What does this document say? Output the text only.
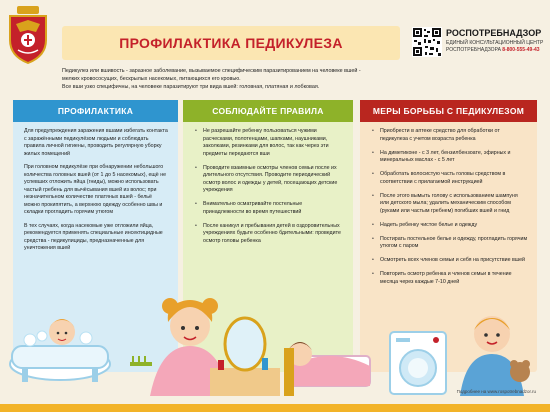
ПРОФИЛАКТИКА ПЕДИКУЛЕЗА
РОСПОТРЕБНАДЗОР
ЕДИНЫЙ КОНСУЛЬТАЦИОННЫЙ ЦЕНТР
РОСПОТРЕБНАДЗОРА 8-800-555-49-43

Педикулез или вшивость - заразное заболевание, вызываемое специфическим паразитированием на человеке вшей -

мелких кровососущих, бескрылых насекомых, питающихся его кровью.

Все вши узко специфичны, на человеке паразитируют три вида вшей: головная, платяная и лобковая.

ПРОФИЛАКТИКА

Для предупреждения заражения вшами избегать контакта с заражёнными педикулёзом людьми и соблюдать правила личной гигиены, проводить регулярную уборку жилых помещений

При головном педикулёзе при обнаружении небольшого количества головных вшей (от 1 до 5 насекомых), ещё не успевших отложить яйца (гниды), можно использовать частый гребень для вычёсывания вшей из волос; при незначительном количестве платяных вшей - бельё можно прокипятить, а верхнюю одежду особенно швы и складки прогладить горячим утюгом

В тех случаях, когда насекомые уже отложили яйца, рекомендуется применять специальные инсектицидные средства - педикулициды, предназначенные для уничтожения вшей

СОБЛЮДАЙТЕ ПРАВИЛА
• Не разрешайте ребенку пользоваться чужими расческами, полотенцами, шапками, наушниками, заколками, резинками для волос, так как через эти предметы передаются вши
• Проводите взаимные осмотры членов семьи после их длительного отсутствия. Проводите периодический осмотр волос и одежды у детей, посещающих детские учреждения
• Внимательно осматривайте постельные принадлежности во время путешествий
• После каникул и пребывания детей в оздоровительных учреждениях будьте особенно бдительными: проведите осмотр головы ребенка
МЕРЫ БОРЬБЫ С ПЕДИКУЛЕЗОМ
• Приобрести в аптеке средство для обработки от педикулеза с учетом возраста ребенка
• На диметиконе - с 3 лет, бензилбензоате, эфирных и минеральных маслах - с 5 лет
• Обработать волосистую часть головы средством в соответствии с прилагаемой инструкцией
• После этого вымыть голову с использованием шампуня или детского мыла; удалить механическим способом (руками или частым гребнем) погибших вшей и гнид
• Надеть ребенку чистое белье и одежду
• Постирать постельное белье и одежду, прогладить горячим утюгом с паром
• Осмотреть всех членов семьи и себя на присутствие вшей
• Повторить осмотр ребенка и членов семьи в течение месяца через каждые 7-10 дней
Подробнее на www.rospotrebnadzor.ru
